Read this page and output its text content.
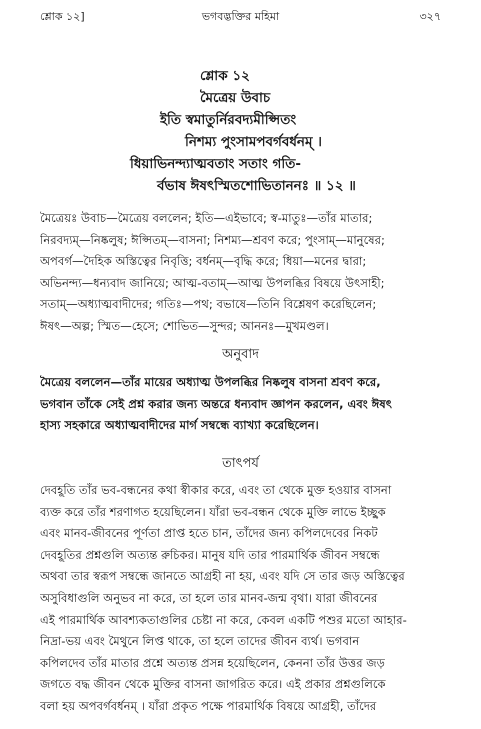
শ্লোক ১২]	ভগবদ্ভক্তির মহিমা	৩২৭
শ্লোক ১২
মৈত্রেয় উবাচ
ইতি স্বমাতুর্নিরবদ্যমীপ্সিতং
নিশম্য পুংসামপবর্গবর্ধনম্ ।
ধিয়াভিনন্দ্যাত্মবতাং সতাং গতি-
র্বভাষ ঈষৎস্মিতশোভিতাননঃ ॥ ১২ ॥
মৈত্রেয়ঃ উবাচ—মৈত্রেয় বললেন; ইতি—এইভাবে; স্ব-মাতুঃ—তাঁর মাতার;
নিরবদ্যম্—নিষ্কলুষ; ঈপ্সিতম্—বাসনা; নিশম্য—শ্রবণ করে; পুংসাম্—মানুষের;
অপবর্গ—দৈহিক অস্তিত্বের নিবৃত্তি; বর্ধনম্—বৃদ্ধি করে; ধিয়া—মনের দ্বারা;
অভিনন্দ্য—ধন্যবাদ জানিয়ে; আত্ম-বতাম্—আত্ম উপলব্ধির বিষয়ে উৎসাহী;
সতাম্—অধ্যাত্মবাদীদের; গতিঃ—পথ; বভাষে—তিনি বিশ্লেষণ করেছিলেন;
ঈষৎ—অল্প; স্মিত—হেসে; শোভিত—সুন্দর; আননঃ—মুখমণ্ডল।
অনুবাদ
মৈত্রেয় বললেন—তাঁর মায়ের অধ্যাত্ম উপলব্ধির নিষ্কলুষ বাসনা শ্রবণ করে,
ভগবান তাঁকে সেই প্রশ্ন করার জন্য অন্তরে ধন্যবাদ জ্ঞাপন করলেন, এবং ঈষৎ
হাস্য সহকারে অধ্যাত্মবাদীদের মার্গ সম্বন্ধে ব্যাখ্যা করেছিলেন।
তাৎপর্য
দেবহূতি তাঁর ভব-বন্ধনের কথা স্বীকার করে, এবং তা থেকে মুক্ত হওয়ার বাসনা
ব্যক্ত করে তাঁর শরণাগত হয়েছিলেন। যাঁরা ভব-বন্ধন থেকে মুক্তি লাভে ইচ্ছুক
এবং মানব-জীবনের পূর্ণতা প্রাপ্ত হতে চান, তাঁদের জন্য কপিলদেবের নিকট
দেবহূতির প্রশ্নগুলি অত্যন্ত রুচিকর। মানুষ যদি তার পারমার্থিক জীবন সম্বন্ধে
অথবা তার স্বরূপ সম্বন্ধে জানতে আগ্রহী না হয়, এবং যদি সে তার জড় অস্তিত্বের
অসুবিধাগুলি অনুভব না করে, তা হলে তার মানব-জন্ম বৃথা। যারা জীবনের
এই পারমার্থিক আবশ্যকতাগুলির চেষ্টা না করে, কেবল একটি পশুর মতো আহার-
নিদ্রা-ভয় এবং মৈথুনে লিপ্ত থাকে, তা হলে তাদের জীবন ব্যর্থ। ভগবান
কপিলদেব তাঁর মাতার প্রশ্নে অত্যন্ত প্রসন্ন হয়েছিলেন, কেননা তাঁর উত্তর জড়
জগতে বদ্ধ জীবন থেকে মুক্তির বাসনা জাগরিত করে। এই প্রকার প্রশ্নগুলিকে
বলা হয় অপবর্গবর্ধনম্ । যাঁরা প্রকৃত পক্ষে পারমার্থিক বিষয়ে আগ্রহী, তাঁদের
